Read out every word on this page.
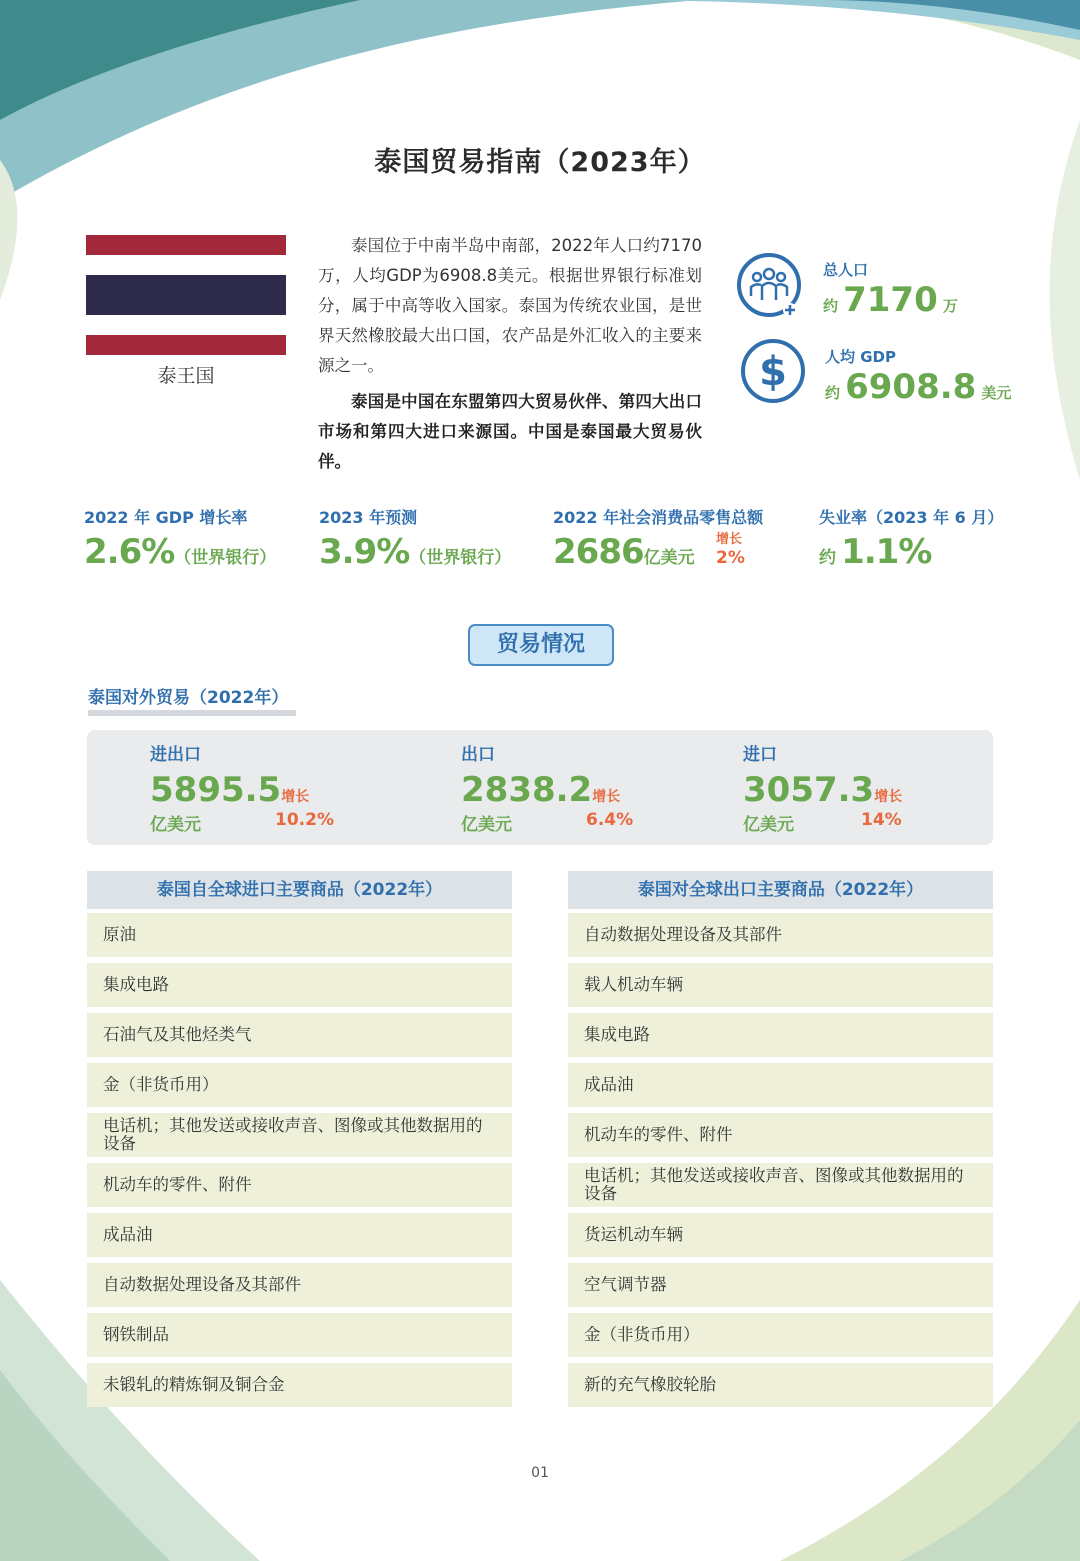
泰国贸易指南（2023年）
泰王国

泰国位于中南半岛中南部，2022年人口约7170万，人均GDP为6908.8美元。根据世界银行标准划分，属于中高等收入国家。泰国为传统农业国，是世界天然橡胶最大出口国，农产品是外汇收入的主要来源之一。

泰国是中国在东盟第四大贸易伙伴、第四大出口市场和第四大进口来源国。中国是泰国最大贸易伙伴。

总人口
约 7170 万
$	人均 GDP
约 6908.8 美元
2022 年 GDP 增长率
2.6%（世界银行）
2023 年预测
3.9%（世界银行）
2022 年社会消费品零售总额
2686亿美元
增长
2%
失业率（2023 年 6 月）
约 1.1%
贸易情况
泰国对外贸易（2022年）
进出口
5895.5增长
亿美元	10.2%
出口
2838.2增长
亿美元	6.4%
进口
3057.3增长
亿美元	14%
泰国自全球进口主要商品（2022年）
原油
集成电路
石油气及其他烃类气
金（非货币用）
电话机；其他发送或接收声音、图像或其他数据用的设备
机动车的零件、附件
成品油
自动数据处理设备及其部件
钢铁制品
未锻轧的精炼铜及铜合金
泰国对全球出口主要商品（2022年）
自动数据处理设备及其部件
载人机动车辆
集成电路
成品油
机动车的零件、附件
电话机；其他发送或接收声音、图像或其他数据用的设备
货运机动车辆
空气调节器
金（非货币用）
新的充气橡胶轮胎
01
